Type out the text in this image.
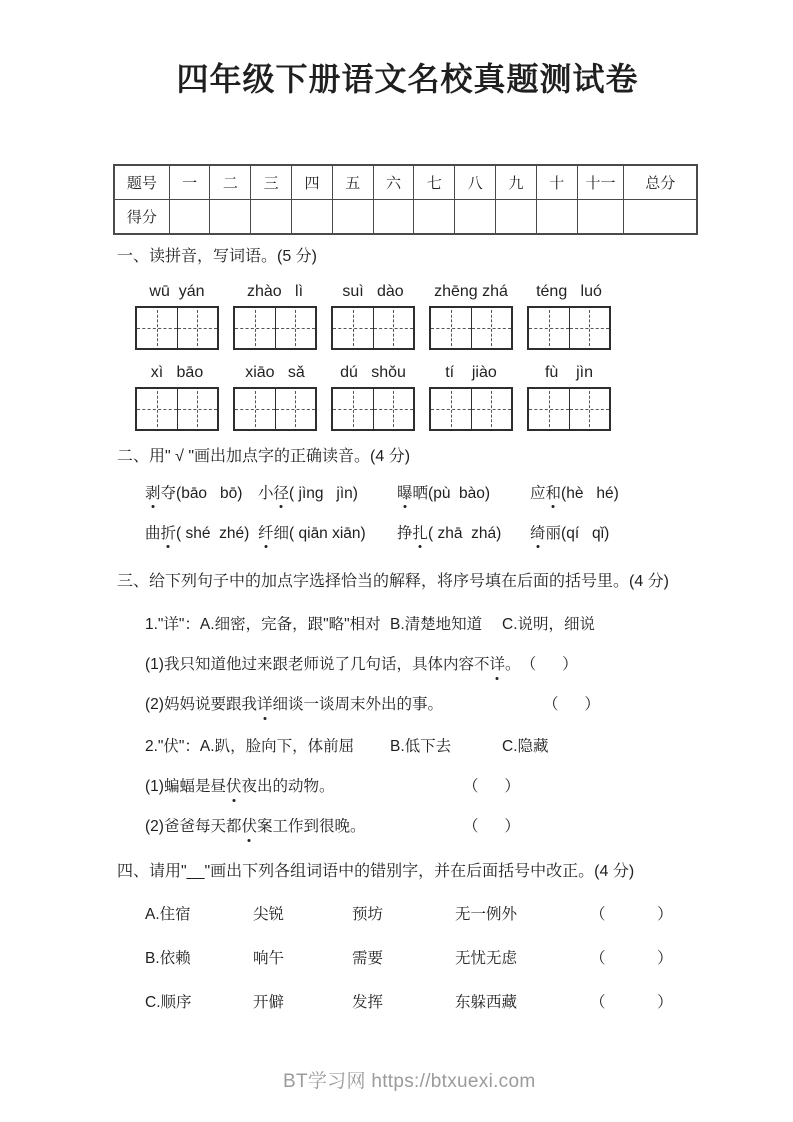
四年级下册语文名校真题测试卷
题号	一	二	三	四	五	六	七	八	九	十	十一	总分
得分												
一、读拼音，写词语。(5 分)
wū  yán	zhào   lì	suì   dào	zhēng zhá	téng   luó
xì   bāo	xiāo   sǎ	dú   shǒu	tí    jiào	fù    jìn
二、用" √ "画出加点字的正确读音。(4 分)
剥夺(bāo   bō)	小径( jìng   jìn)	曝晒(pù  bào)	应和(hè   hé)
曲折( shé  zhé) 纤细( qiān xiān)	挣扎( zhā  zhá)	绮丽(qí   qǐ)
三、给下列句子中的加点字选择恰当的解释，将序号填在后面的括号里。(4 分)
1."详"：A.细密，完备，跟"略"相对 B.清楚地知道	C.说明，细说
(1)我只知道他过来跟老师说了几句话，具体内容不详。 （      ）
(2)妈妈说要跟我详细谈一谈周末外出的事。	（      ）
2."伏"：A.趴，脸向下，体前屈	B.低下去	C.隐藏
(1)蝙蝠是昼伏夜出的动物。	（      ）
(2)爸爸每天都伏案工作到很晚。	（      ）
四、请用"__"画出下列各组词语中的错别字，并在后面括号中改正。(4 分)
A.住宿	尖锐	预坊	无一例外	（            ）
B.依赖	响午	需要	无忧无虑	（            ）
C.顺序	开僻	发挥	东躲西藏	（            ）
BT学习网 https://btxuexi.com
